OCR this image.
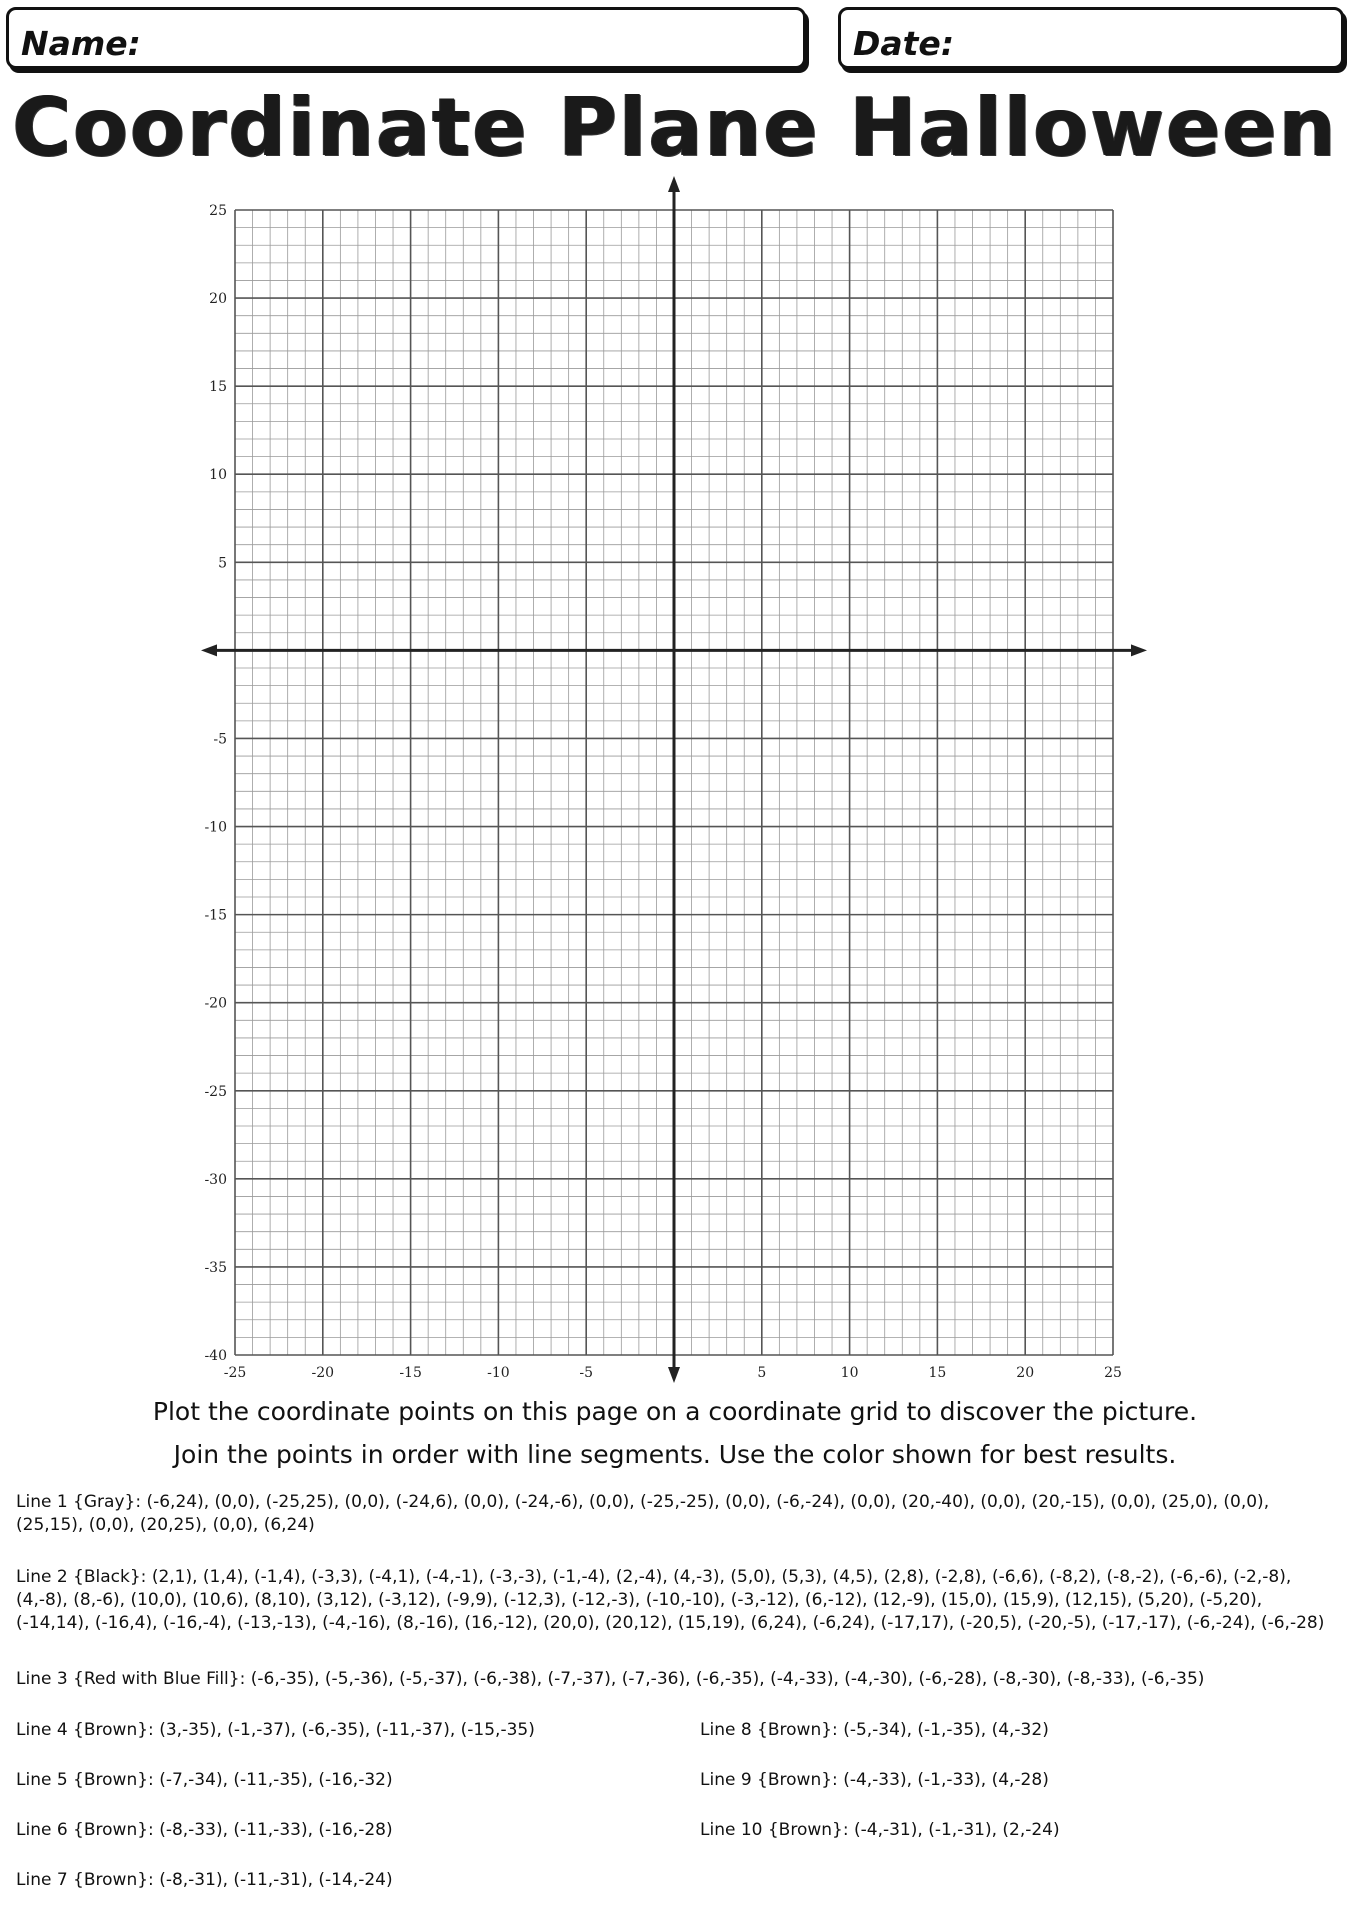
Name:	Date:
Coordinate Plane Halloween
-25	-20	-15	-10	-5	5	10	15	20	25
25
20
15
10
5
-5
-10
-15
-20
-25
-30
-35
-40
Plot the coordinate points on this page on a coordinate grid to discover the picture.
Join the points in order with line segments. Use the color shown for best results.
Line 1 {Gray}: (-6,24), (0,0), (-25,25), (0,0), (-24,6), (0,0), (-24,-6), (0,0), (-25,-25), (0,0), (-6,-24), (0,0), (20,-40), (0,0), (20,-15), (0,0), (25,0), (0,0), (25,15), (0,0), (20,25), (0,0), (6,24)
Line 2 {Black}: (2,1), (1,4), (-1,4), (-3,3), (-4,1), (-4,-1), (-3,-3), (-1,-4), (2,-4), (4,-3), (5,0), (5,3), (4,5), (2,8), (-2,8), (-6,6), (-8,2), (-8,-2), (-6,-6), (-2,-8), (4,-8), (8,-6), (10,0), (10,6), (8,10), (3,12), (-3,12), (-9,9), (-12,3), (-12,-3), (-10,-10), (-3,-12), (6,-12), (12,-9), (15,0), (15,9), (12,15), (5,20), (-5,20), (-14,14), (-16,4), (-16,-4), (-13,-13), (-4,-16), (8,-16), (16,-12), (20,0), (20,12), (15,19), (6,24), (-6,24), (-17,17), (-20,5), (-20,-5), (-17,-17), (-6,-24), (-6,-28)
Line 3 {Red with Blue Fill}: (-6,-35), (-5,-36), (-5,-37), (-6,-38), (-7,-37), (-7,-36), (-6,-35), (-4,-33), (-4,-30), (-6,-28), (-8,-30), (-8,-33), (-6,-35)
Line 4 {Brown}: (3,-35), (-1,-37), (-6,-35), (-11,-37), (-15,-35)
Line 5 {Brown}: (-7,-34), (-11,-35), (-16,-32)
Line 6 {Brown}: (-8,-33), (-11,-33), (-16,-28)
Line 7 {Brown}: (-8,-31), (-11,-31), (-14,-24)
Line 8 {Brown}: (-5,-34), (-1,-35), (4,-32)
Line 9 {Brown}: (-4,-33), (-1,-33), (4,-28)
Line 10 {Brown}: (-4,-31), (-1,-31), (2,-24)
